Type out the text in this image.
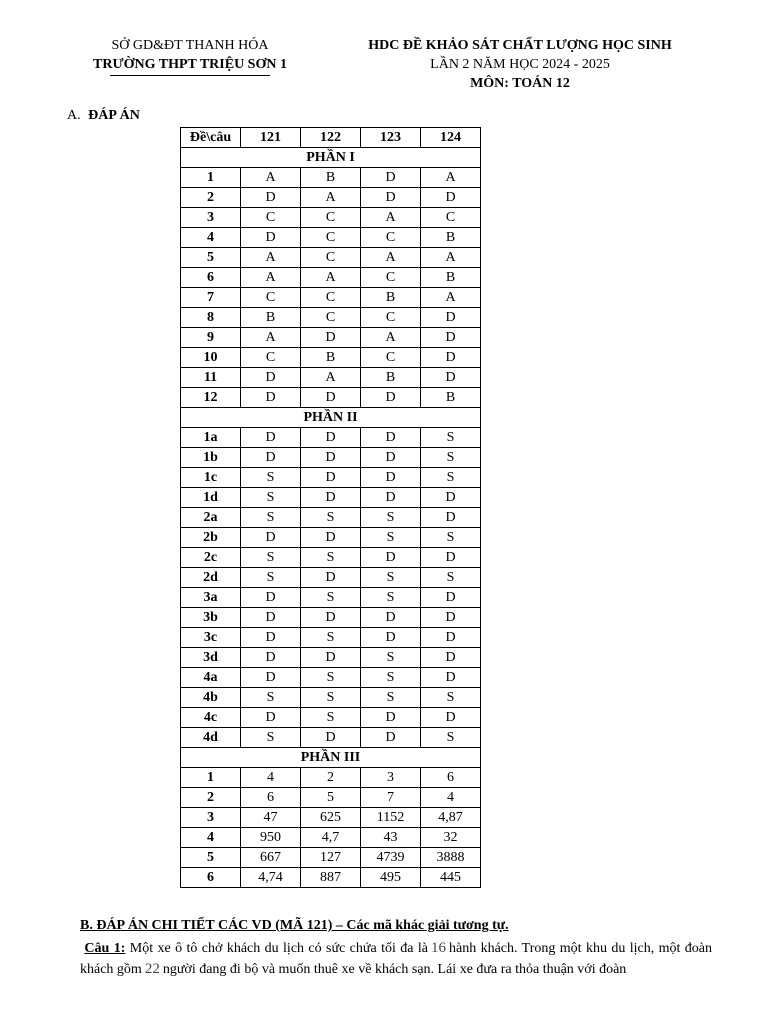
SỞ GD&ĐT THANH HÓA
TRƯỜNG THPT TRIỆU SƠN 1
HDC ĐỀ KHẢO SÁT CHẤT LƯỢNG HỌC SINH
LẦN 2 NĂM HỌC 2024 - 2025
MÔN: TOÁN 12
A. ĐÁP ÁN
Đề\câu	121	122	123	124
PHẦN I				
1	A	B	D	A
2	D	A	D	D
3	C	C	A	C
4	D	C	C	B
5	A	C	A	A
6	A	A	C	B
7	C	C	B	A
8	B	C	C	D
9	A	D	A	D
10	C	B	C	D
11	D	A	B	D
12	D	D	D	B
PHẦN II				
1a	D	D	D	S
1b	D	D	D	S
1c	S	D	D	S
1d	S	D	D	D
2a	S	S	S	D
2b	D	D	S	S
2c	S	S	D	D
2d	S	D	S	S
3a	D	S	S	D
3b	D	D	D	D
3c	D	S	D	D
3d	D	D	S	D
4a	D	S	S	D
4b	S	S	S	S
4c	D	S	D	D
4d	S	D	D	S
PHẦN III				
1	4	2	3	6
2	6	5	7	4
3	47	625	1152	4,87
4	950	4,7	43	32
5	667	127	4739	3888
6	4,74	887	495	445
B. ĐÁP ÁN CHI TIẾT CÁC VD (MÃ 121) – Các mã khác giải tương tự.
Câu 1: Một xe ô tô chở khách du lịch có sức chứa tối đa là 16 hành khách. Trong một khu du lịch, một đoàn khách gồm 22 người đang đi bộ và muốn thuê xe về khách sạn. Lái xe đưa ra thỏa thuận với đoàn
